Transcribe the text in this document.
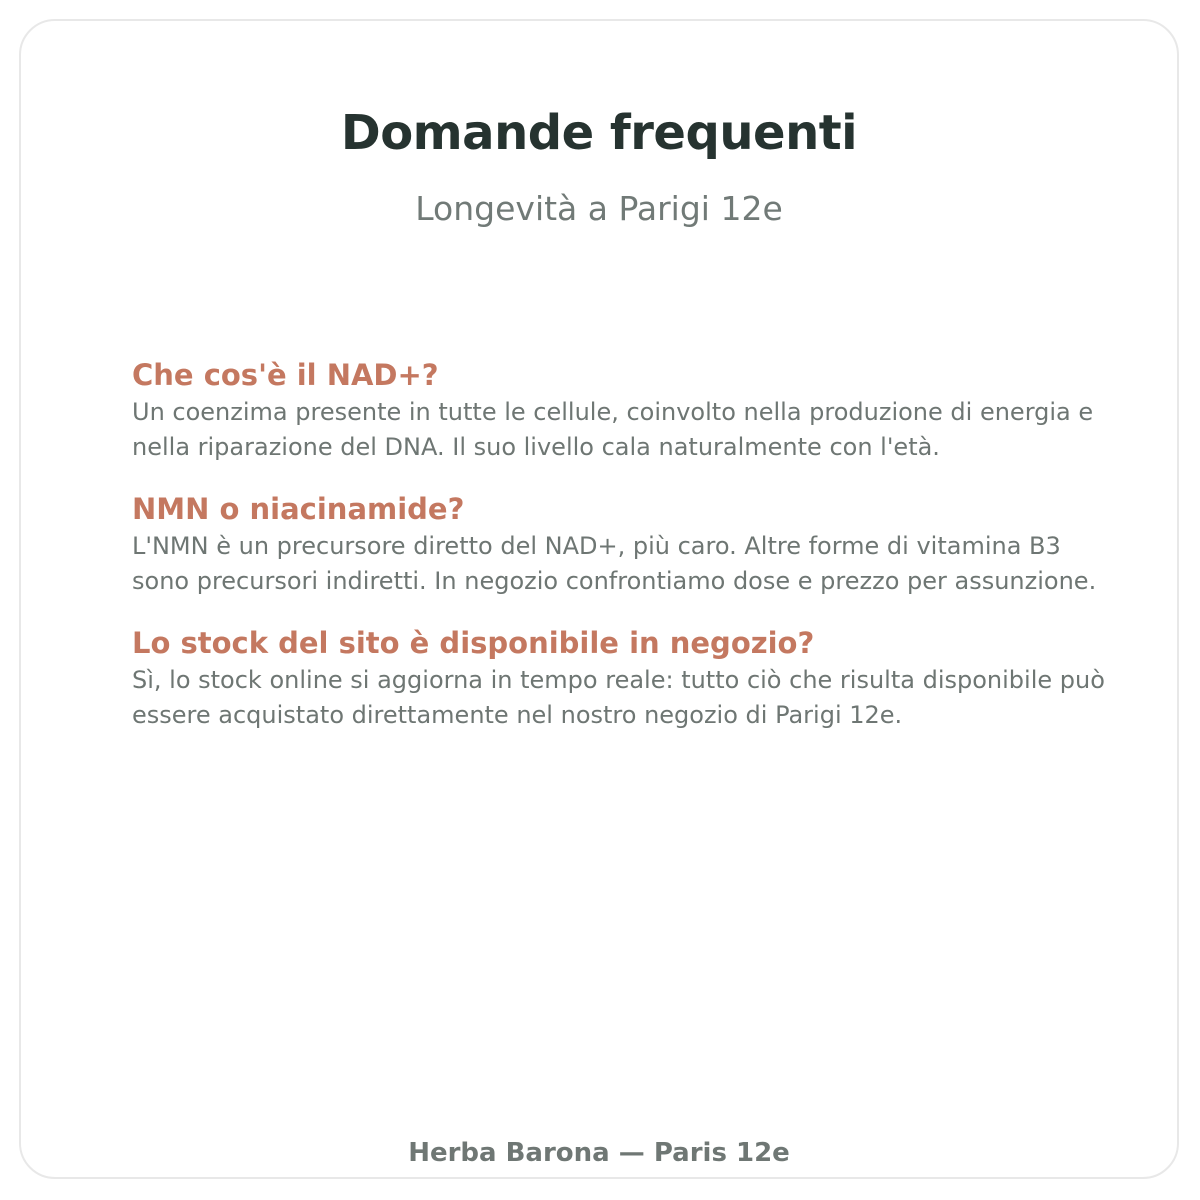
Domande frequenti

Longevità a Parigi 12e

Che cos'è il NAD+?

Un coenzima presente in tutte le cellule, coinvolto nella produzione di energia e nella riparazione del DNA. Il suo livello cala naturalmente con l'età.

NMN o niacinamide?

L'NMN è un precursore diretto del NAD+, più caro. Altre forme di vitamina B3 sono precursori indiretti. In negozio confrontiamo dose e prezzo per assunzione.

Lo stock del sito è disponibile in negozio?

Sì, lo stock online si aggiorna in tempo reale: tutto ciò che risulta disponibile può essere acquistato direttamente nel nostro negozio di Parigi 12e.

Herba Barona — Paris 12e
